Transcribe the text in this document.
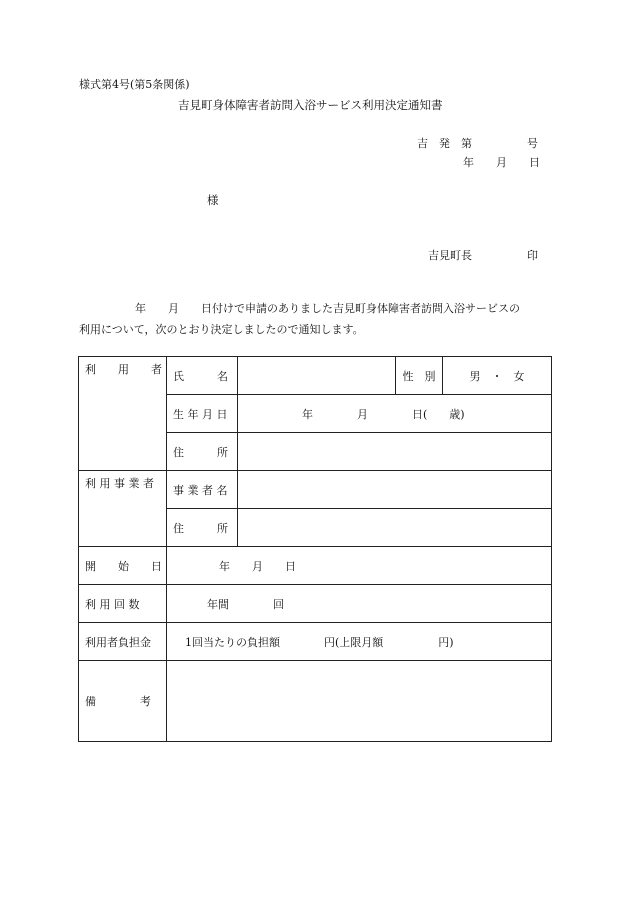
様式第4号(第5条関係)
吉見町身体障害者訪問入浴サービス利用決定通知書
吉　発　第　　　　　号
年　　月　　日
様
吉見町長　　　　　印
年　　月　　日付けで申請のありました吉見町身体障害者訪問入浴サービスの
利用について，次のとおり決定しましたので通知します。
利　　用　　者	氏　　　名		性　別	男　・　女
	生 年 月 日	年　　　　月　　　　日(　　歳)		
	住　　　所			
利 用 事 業 者	事 業 者 名			
	住　　　所			
開　　始　　日	年　　月　　日			
利 用 回 数	年間　　　　回			
利用者負担金	1回当たりの負担額　　　　円(上限月額　　　　　円)			
備　　　　考				
